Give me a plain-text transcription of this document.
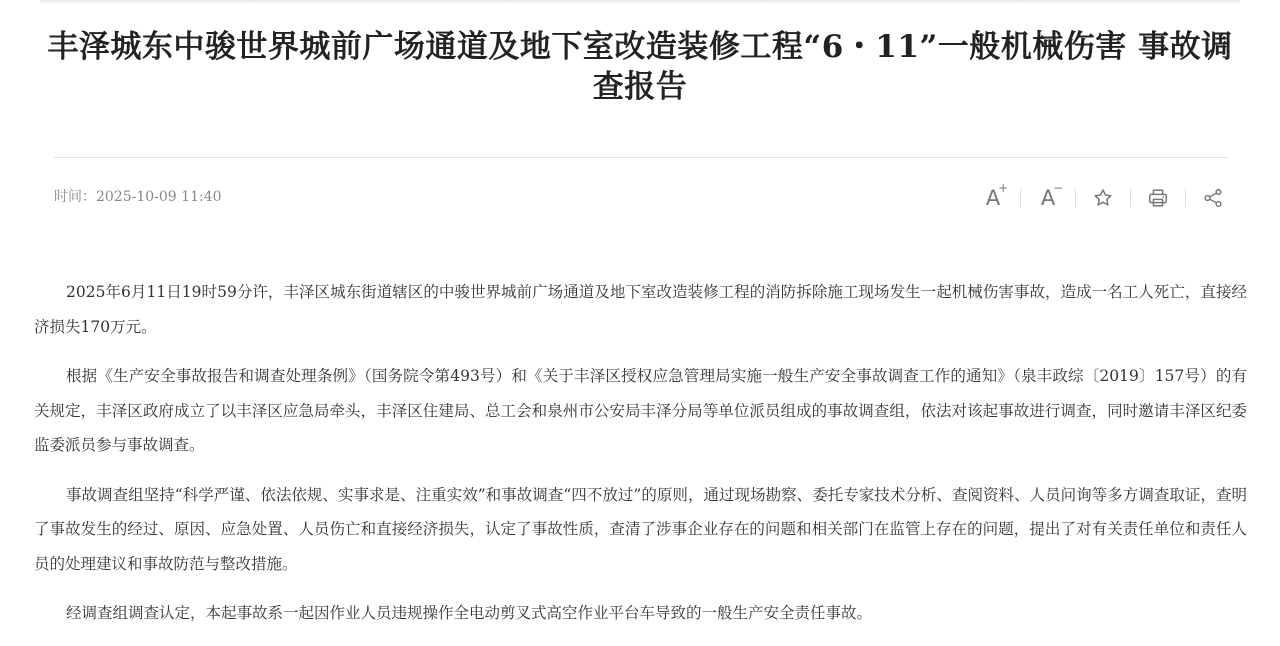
丰泽城东中骏世界城前广场通道及地下室改造装修工程“6・11”一般机械伤害 事故调查报告
时间：2025-10-09 11:40	A
+ A
−

2025年6月11日19时59分许，丰泽区城东街道辖区的中骏世界城前广场通道及地下室改造装修工程的消防拆除施工现场发生一起机械伤害事故，造成一名工人死亡，直接经济损失170万元。

根据《生产安全事故报告和调查处理条例》（国务院令第493号）和《关于丰泽区授权应急管理局实施一般生产安全事故调查工作的通知》（泉丰政综〔2019〕157号）的有关规定，丰泽区政府成立了以丰泽区应急局牵头，丰泽区住建局、总工会和泉州市公安局丰泽分局等单位派员组成的事故调查组，依法对该起事故进行调查，同时邀请丰泽区纪委监委派员参与事故调查。

事故调查组坚持“科学严谨、依法依规、实事求是、注重实效”和事故调查“四不放过”的原则，通过现场勘察、委托专家技术分析、查阅资料、人员问询等多方调查取证，查明了事故发生的经过、原因、应急处置、人员伤亡和直接经济损失，认定了事故性质，查清了涉事企业存在的问题和相关部门在监管上存在的问题，提出了对有关责任单位和责任人员的处理建议和事故防范与整改措施。

经调查组调查认定，本起事故系一起因作业人员违规操作全电动剪叉式高空作业平台车导致的一般生产安全责任事故。
